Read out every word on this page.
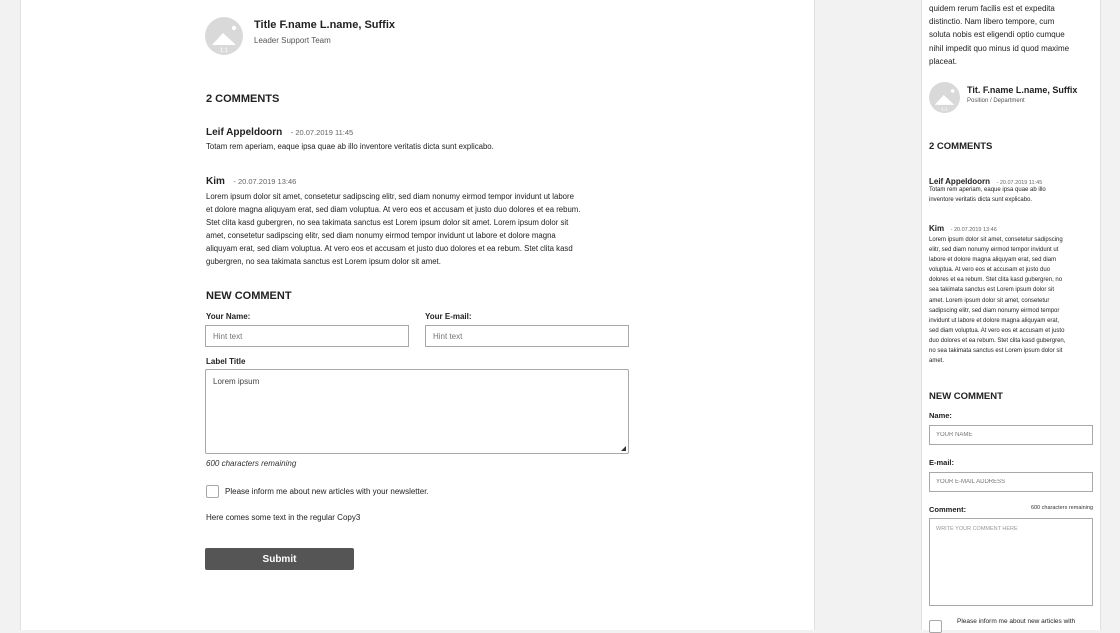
1:1
Title F.name L.name, Suffix
Leader Support Team
2 COMMENTS
Leif Appeldoorn - 20.07.2019 11:45
Totam rem aperiam, eaque ipsa quae ab illo inventore veritatis dicta sunt explicabo.
Kim - 20.07.2019 13:46
Lorem ipsum dolor sit amet, consetetur sadipscing elitr, sed diam nonumy eirmod tempor invidunt ut labore
et dolore magna aliquyam erat, sed diam voluptua. At vero eos et accusam et justo duo dolores et ea rebum.
Stet clita kasd gubergren, no sea takimata sanctus est Lorem ipsum dolor sit amet. Lorem ipsum dolor sit
amet, consetetur sadipscing elitr, sed diam nonumy eirmod tempor invidunt ut labore et dolore magna
aliquyam erat, sed diam voluptua. At vero eos et accusam et justo duo dolores et ea rebum. Stet clita kasd
gubergren, no sea takimata sanctus est Lorem ipsum dolor sit amet.
NEW COMMENT
Your Name:
Hint text	Your E-mail:
Hint text
Label Title
Lorem ipsum
600 characters remaining
Please inform me about new articles with your newsletter.
Here comes some text in the regular Copy3
Submit
quidem rerum facilis est et expedita
distinctio. Nam libero tempore, cum
soluta nobis est eligendi optio cumque
nihil impedit quo minus id quod maxime
placeat.
1:1
Tit. F.name L.name, Suffix
Position / Department
2 COMMENTS
Leif Appeldoorn - 20.07.2019 11:45
Totam rem aperiam, eaque ipsa quae ab illo
inventore veritatis dicta sunt explicabo.
Kim - 20.07.2019 13:46
Lorem ipsum dolor sit amet, consetetur sadipscing
elitr, sed diam nonumy eirmod tempor invidunt ut
labore et dolore magna aliquyam erat, sed diam
voluptua. At vero eos et accusam et justo duo
dolores et ea rebum. Stet clita kasd gubergren, no
sea takimata sanctus est Lorem ipsum dolor sit
amet. Lorem ipsum dolor sit amet, consetetur
sadipscing elitr, sed diam nonumy eirmod tempor
invidunt ut labore et dolore magna aliquyam erat,
sed diam voluptua. At vero eos et accusam et justo
duo dolores et ea rebum. Stet clita kasd gubergren,
no sea takimata sanctus est Lorem ipsum dolor sit
amet.
NEW COMMENT
Name:
YOUR NAME
E-mail:
YOUR E-MAIL ADDRESS
Comment:	600 characters remaining
WRITE YOUR COMMENT HERE
Please inform me about new articles with
